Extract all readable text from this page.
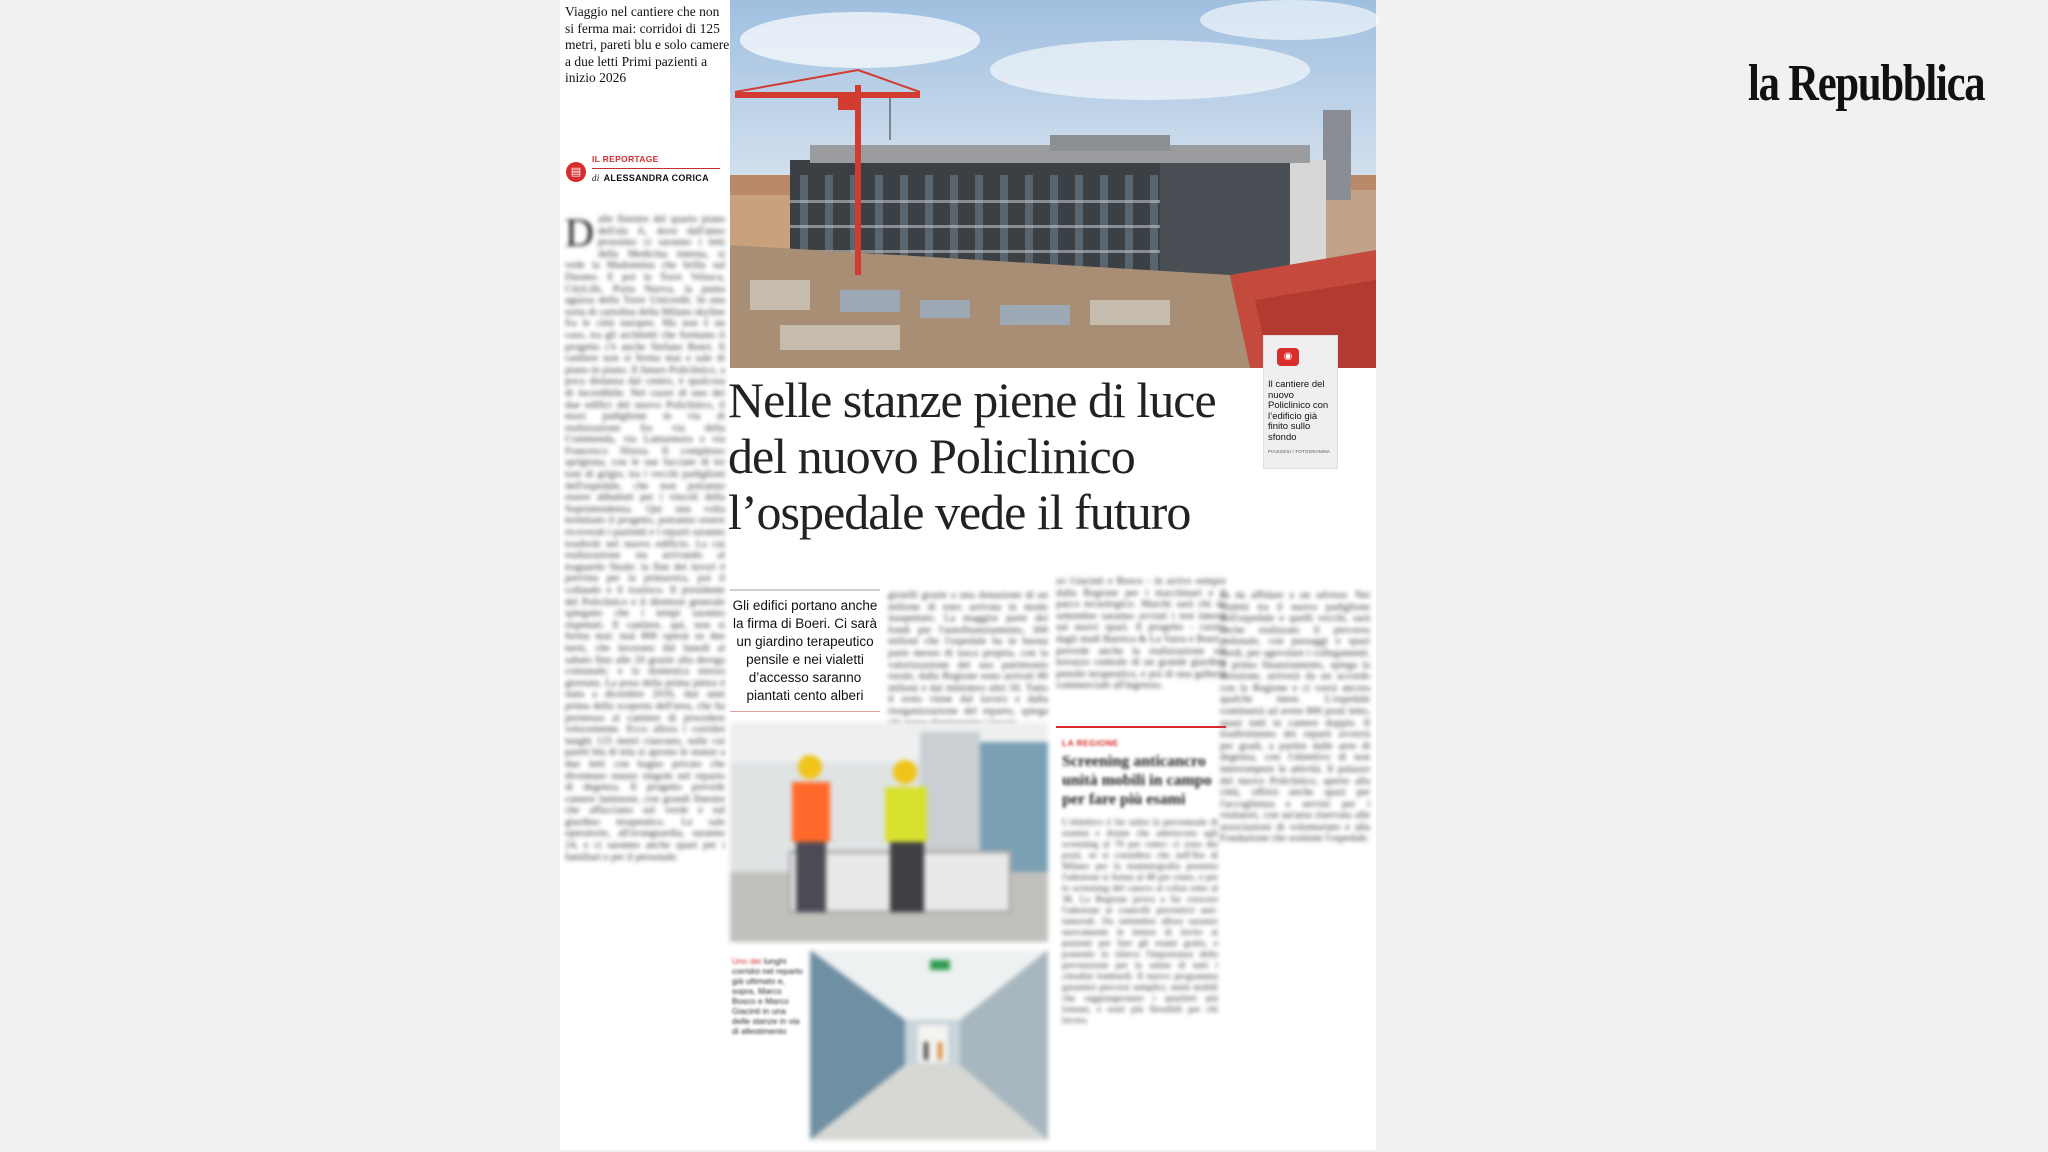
la Repubblica
Viaggio nel cantiere che non si ferma mai: corridoi di 125 metri, pareti blu e solo camere a due letti Primi pazienti a inizio 2026
▤
IL REPORTAGE
di ALESSANDRA CORICA
Dalle finestre del quarto piano dell'ala A, dove dall'anno prossimo ci saranno i letti della Medicina interna, si vede la Madonnina che brilla sul Duomo. E poi la Torre Velasca, CityLife, Porta Nuova, la punta aguzza della Torre Unicredit. In una sorta di cartolina della Milano skyline fra le città europee. Ma non è un caso, tra gli architetti che formano il progetto c'è anche Stefano Boeri. Il cantiere non si ferma mai e sale di piano in piano. Il futuro Policlinico, a poca distanza dal centro, è qualcosa di incredibile. Nel cuore di uno dei due edifici del nuovo Policlinico, il maxi padiglione in via di realizzazione fra via della Commenda, via Lamarmora e via Francesco Sforza. Il complesso sprigiona, con le sue facciate di tre toni di grigio, tra i vecchi padiglioni dell'ospedale, che non potranno essere abbattuti per i vincoli della Soprintendenza. Qui una volta terminato il progetto, potranno essere ricoverati i pazienti e i reparti saranno trasferiti nel nuovo edificio. La cui realizzazione sta arrivando al traguardo finale: la fine dei lavori è prevista per la primavera, poi il collaudo e il trasloco. Il presidente del Policlinico e il direttore generale spiegano che i tempi saranno rispettati. Il cantiere, qui, non si ferma mai: mai 800 operai su due turni, che lavorano dal lunedì al sabato fino alle 20 grazie alla deroga comunale; e la domenica mezza giornata. La posa della prima pietra è stata a dicembre 2016, due anni prima della scoperta dell'area, che ha permesso al cantiere di procedere velocemente. Ecco allora i corridoi lunghi 125 metri ciascuno, sulle cui pareti blu di tela si aprono le stanze a due letti con bagno privato che diventano stanze singole nel reparto di degenza. Il progetto prevede camere luminose, con grandi finestre che affacciano sul verde e sul giardino terapeutico. Le sale operatorie, all'avanguardia, saranno 24, e ci saranno anche spazi per i familiari e per il personale.
◉
Il cantiere del nuovo Policlinico con l’edificio già finito sullo sfondo
PIAGGESI / FOTOGRAMMA
Nelle stanze piene di luce del nuovo Policlinico l’ospedale vede il futuro
Gli edifici portano anche la firma di Boeri. Ci sarà un giardino terapeutico pensile e nei vialetti d’accesso saranno piantati cento alberi
gioielli grazie a una donazione di un milione di euro arrivata in modo inaspettato. La maggior parte dei fondi per l'autofinanziamento, 300 milioni che l'ospedale ha in buona parte messo di tasca propria, con la valorizzazione del suo patrimonio rurale, dalla Regione sono arrivati 80 milioni e dal ministero altri 50. Tutto il resto viene dal lavoro e dalla riorganizzazione del reparto, spiega
zo Giacinti e Bosco - in arrivo sempre dalla Regione per i macchinari e il parco tecnologico. Marchi sarà chi da settembre saranno avviati i test interni sui nuovi spazi. Il progetto - curato dagli studi Barreca & La Varra e Boeri - prevede anche la realizzazione sul terrazzo centrale di un grande giardino pensile terapeutico, e poi di una galleria commerciale all'ingresso.
za da affidare a un advisor. Nei vialetti tra il nuovo padiglione dell'ospedale e quelli vecchi, sarà anche realizzato il percorso pedonale, con passaggi e spazi verdi, per agevolare i collegamenti. Il primo finanziamento, spiega la direzione, arriverà da un accordo con la Regione e ci vorrà ancora qualche mese. L'ospedale continuerà ad avere 800 posti letto, quasi tutti in camere doppie. Il trasferimento dei reparti avverrà per gradi, a partire dalle aree di degenza, con l'obiettivo di non interrompere le attività. Il palazzo del nuovo Policlinico, aperto alla città, offrirà anche spazi per l'accoglienza e servizi per i visitatori, con un'area riservata alle associazioni di volontariato e alla Fondazione che sostiene l'ospedale.
Uno dei lunghi corridoi nel reparto già ultimato e, sopra, Marco Bosco e Marco Giacinti in una delle stanze in via di allestimento
LA REGIONE
Screening anticancro unità mobili in campo per fare più esami
L'obiettivo è far salire la percentuale di uomini e donne che aderiscono agli screening al 70 per cento: ci sono dei posti, se si considera che nell'Ats di Milano per la mammografia presenta l'adesione si ferma al 48 per cento, e per lo screening del cancro al colon retto al 38. La Regione prova a far crescere l'adesione ai controlli preventivi anti-tumorali. Da settembre allora saranno nuovamente le lettere di invito ai pazienti per fare gli esami gratis, e ponendo in rilievo l'importanza della prevenzione per la salute di tutti i cittadini lombardi. Il nuovo programma garantirà percorsi semplici, unità mobili che raggiungeranno i quartieri più lontani, e orari più flessibili per chi lavora.
